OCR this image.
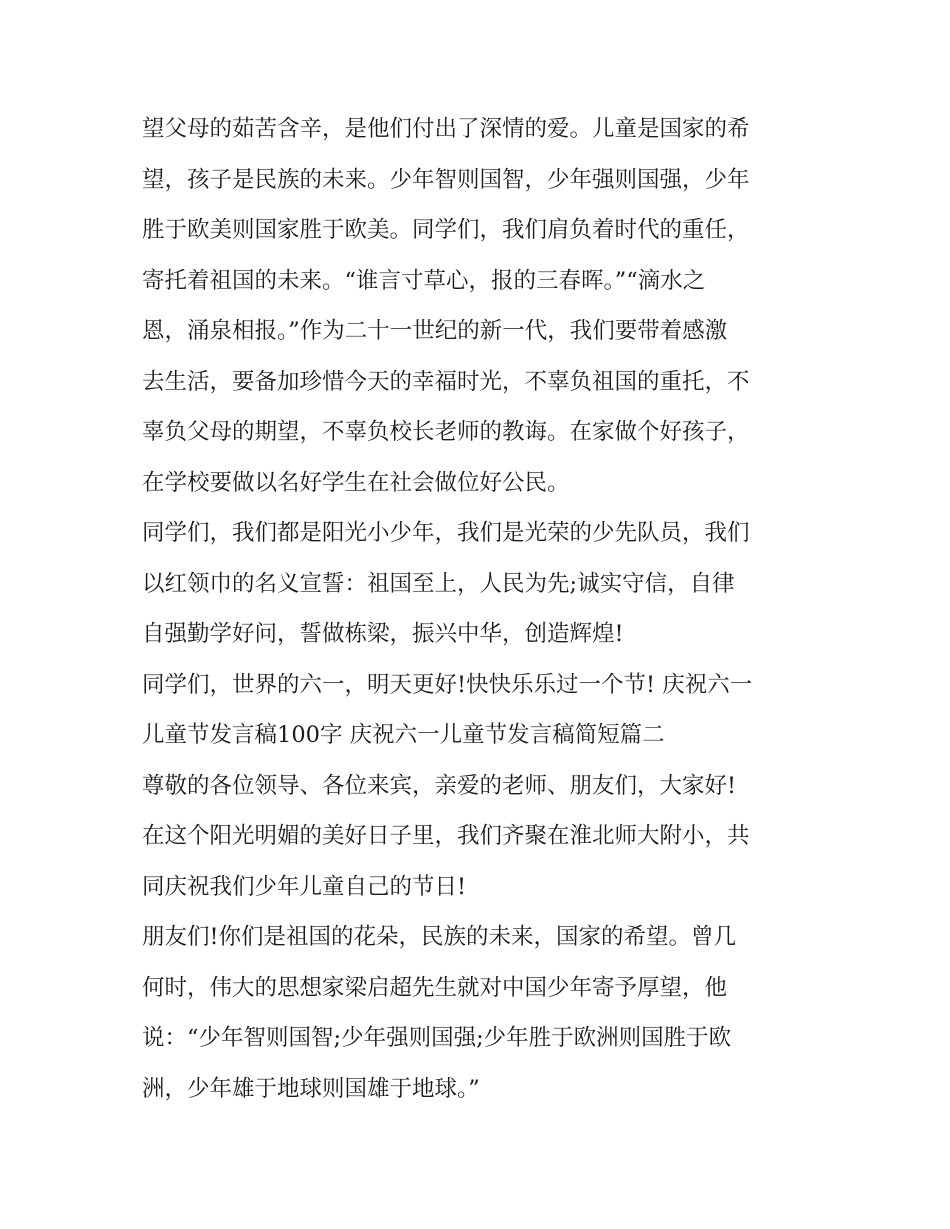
望父母的茹苦含辛，是他们付出了深情的爱。儿童是国家的希
望，孩子是民族的未来。少年智则国智，少年强则国强，少年
胜于欧美则国家胜于欧美。同学们，我们肩负着时代的重任，
寄托着祖国的未来。“谁言寸草心，报的三春晖。”“滴水之
恩，涌泉相报。”作为二十一世纪的新一代，我们要带着感激
去生活，要备加珍惜今天的幸福时光，不辜负祖国的重托，不
辜负父母的期望，不辜负校长老师的教诲。在家做个好孩子，
在学校要做以名好学生在社会做位好公民。
同学们，我们都是阳光小少年，我们是光荣的少先队员，我们
以红领巾的名义宣誓：祖国至上，人民为先;诚实守信，自律
自强勤学好问，誓做栋梁，振兴中华，创造辉煌!
同学们，世界的六一，明天更好!快快乐乐过一个节! 庆祝六一
儿童节发言稿100字 庆祝六一儿童节发言稿简短篇二
尊敬的各位领导、各位来宾，亲爱的老师、朋友们，大家好!
在这个阳光明媚的美好日子里，我们齐聚在淮北师大附小，共
同庆祝我们少年儿童自己的节日!
朋友们!你们是祖国的花朵，民族的未来，国家的希望。曾几
何时，伟大的思想家梁启超先生就对中国少年寄予厚望，他
说：“少年智则国智;少年强则国强;少年胜于欧洲则国胜于欧
洲，少年雄于地球则国雄于地球。”
